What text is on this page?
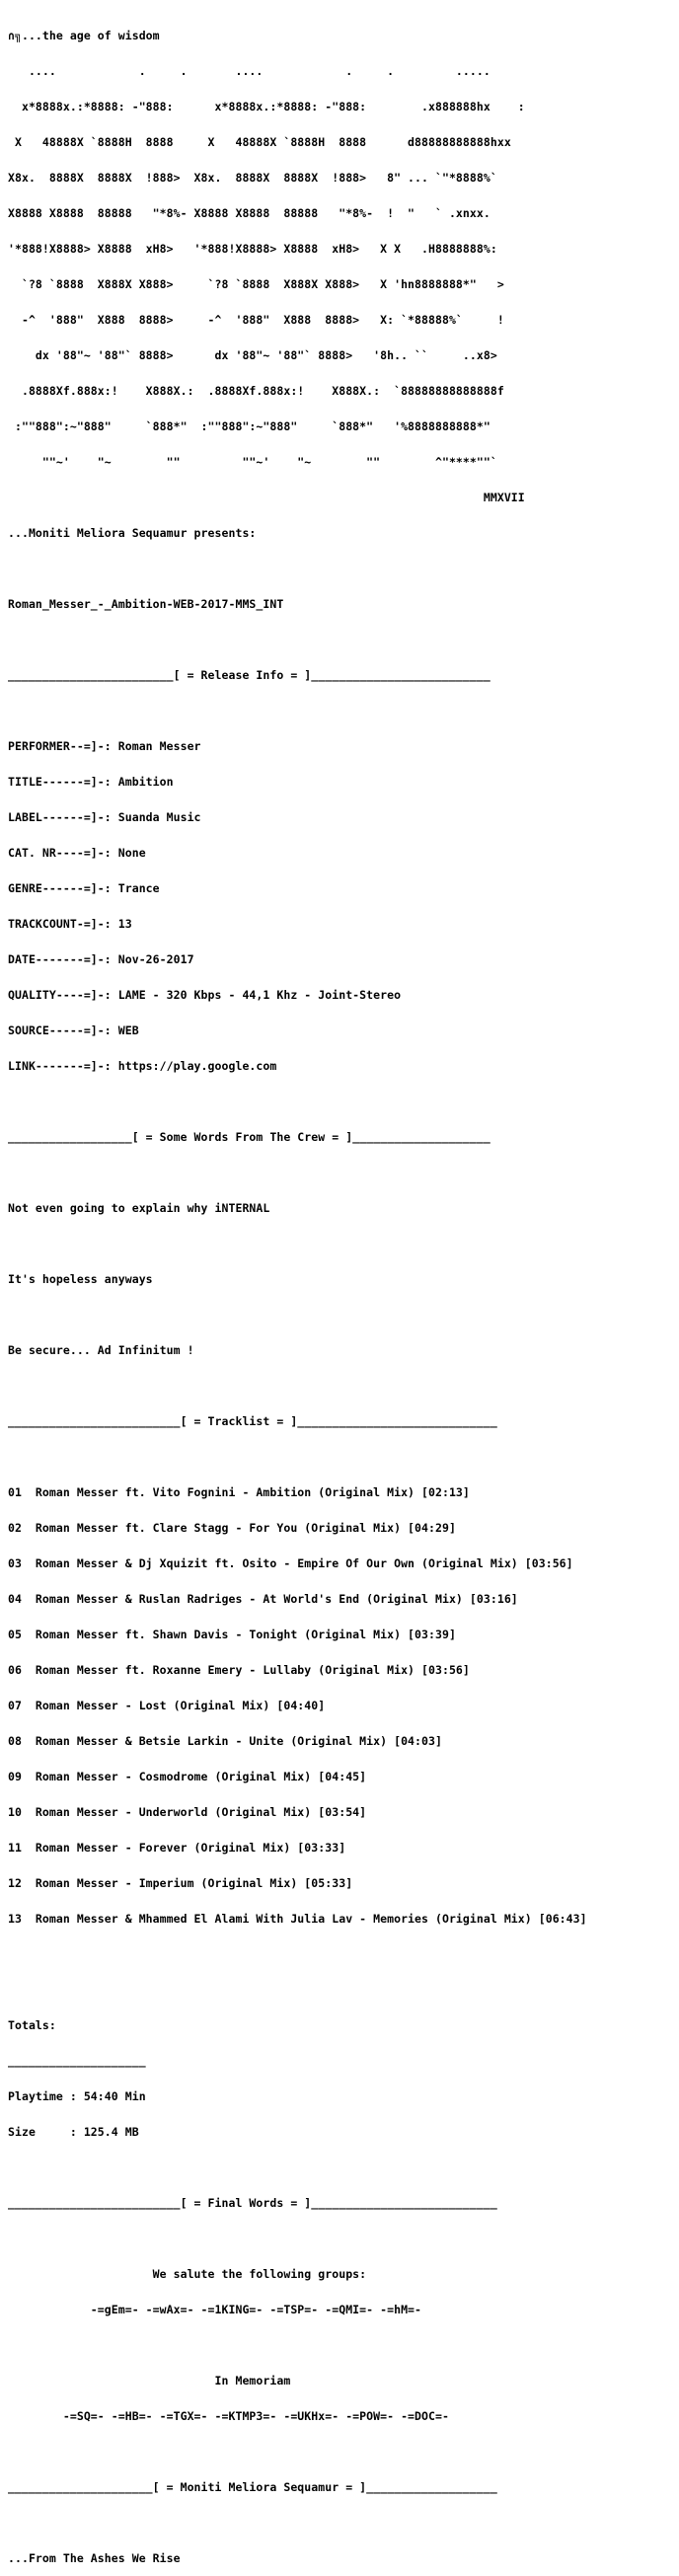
∩╗...the age of wisdom

....            .     .       ....            .     .         .....

x*8888x.:*8888: -"888:      x*8888x.:*8888: -"888:        .x888888hx    :

X   48888X `8888H  8888     X   48888X `8888H  8888      d88888888888hxx

X8x.  8888X  8888X  !888>  X8x.  8888X  8888X  !888>   8" ... `"*8888%`

X8888 X8888  88888   "*8%- X8888 X8888  88888   "*8%-  !  "   ` .xnxx.

'*888!X8888> X8888  xH8>   '*888!X8888> X8888  xH8>   X X   .H8888888%:

`?8 `8888  X888X X888>     `?8 `8888  X888X X888>   X 'hn8888888*"   >

-^  '888"  X888  8888>     -^  '888"  X888  8888>   X: `*88888%`     !

dx '88"~ '88"` 8888>      dx '88"~ '88"` 8888>   '8h.. ``     ..x8>

.8888Xf.888x:!    X888X.:  .8888Xf.888x:!    X888X.:  `88888888888888f

:""888":~"888"     `888*"  :""888":~"888"     `888*"   '%8888888888*"

""~'    "~        ""         ""~'    "~        ""        ^"****""`

MMXVII

...Moniti Meliora Sequamur presents:

Roman_Messer_-_Ambition-WEB-2017-MMS_INT

________________________[ = Release Info = ]__________________________

PERFORMER--=]-: Roman Messer

TITLE------=]-: Ambition

LABEL------=]-: Suanda Music

CAT. NR----=]-: None

GENRE------=]-: Trance

TRACKCOUNT-=]-: 13

DATE-------=]-: Nov-26-2017

QUALITY----=]-: LAME - 320 Kbps - 44,1 Khz - Joint-Stereo

SOURCE-----=]-: WEB

LINK-------=]-: https://play.google.com

__________________[ = Some Words From The Crew = ]____________________

Not even going to explain why iNTERNAL

It's hopeless anyways

Be secure... Ad Infinitum !

_________________________[ = Tracklist = ]_____________________________

01  Roman Messer ft. Vito Fognini - Ambition (Original Mix) [02:13]

02  Roman Messer ft. Clare Stagg - For You (Original Mix) [04:29]

03  Roman Messer & Dj Xquizit ft. Osito - Empire Of Our Own (Original Mix) [03:56]

04  Roman Messer & Ruslan Radriges - At World's End (Original Mix) [03:16]

05  Roman Messer ft. Shawn Davis - Tonight (Original Mix) [03:39]

06  Roman Messer ft. Roxanne Emery - Lullaby (Original Mix) [03:56]

07  Roman Messer - Lost (Original Mix) [04:40]

08  Roman Messer & Betsie Larkin - Unite (Original Mix) [04:03]

09  Roman Messer - Cosmodrome (Original Mix) [04:45]

10  Roman Messer - Underworld (Original Mix) [03:54]

11  Roman Messer - Forever (Original Mix) [03:33]

12  Roman Messer - Imperium (Original Mix) [05:33]

13  Roman Messer & Mhammed El Alami With Julia Lav - Memories (Original Mix) [06:43]

Totals:

____________________

Playtime : 54:40 Min

Size     : 125.4 MB

_________________________[ = Final Words = ]___________________________

We salute the following groups:

-=gEm=- -=wAx=- -=1KING=- -=TSP=- -=QMI=- -=hM=-

In Memoriam

-=SQ=- -=HB=- -=TGX=- -=KTMP3=- -=UKHx=- -=POW=- -=DOC=-

_____________________[ = Moniti Meliora Sequamur = ]___________________

...From The Ashes We Rise
